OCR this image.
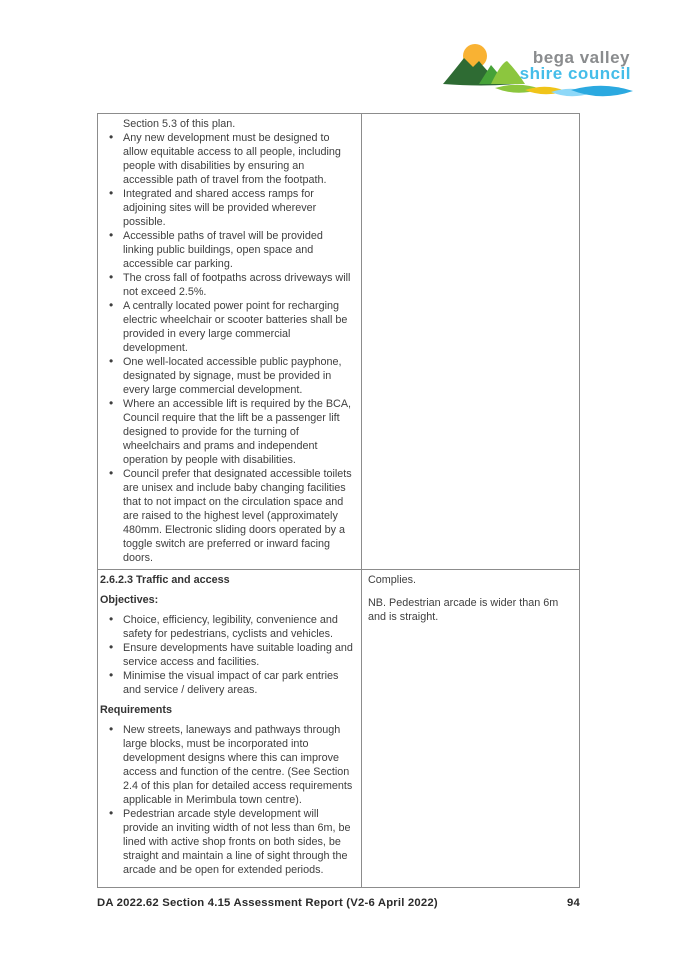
bega valley
shire council

Section 5.3 of this plan.

• Any new development must be designed to allow equitable access to all people, including people with disabilities by ensuring an accessible path of travel from the footpath.
• Integrated and shared access ramps for adjoining sites will be provided wherever possible.
• Accessible paths of travel will be provided linking public buildings, open space and accessible car parking.
• The cross fall of footpaths across driveways will not exceed 2.5%.
• A centrally located power point for recharging electric wheelchair or scooter batteries shall be provided in every large commercial development.
• One well-located accessible public payphone, designated by signage, must be provided in every large commercial development.
• Where an accessible lift is required by the BCA, Council require that the lift be a passenger lift designed to provide for the turning of wheelchairs and prams and independent operation by people with disabilities.
• Council prefer that designated accessible toilets are unisex and include baby changing facilities that to not impact on the circulation space and are raised to the highest level (approximately 480mm. Electronic sliding doors operated by a toggle switch are preferred or inward facing doors.

2.6.2.3 Traffic and access

Objectives:

• Choice, efficiency, legibility, convenience and safety for pedestrians, cyclists and vehicles.
• Ensure developments have suitable loading and service access and facilities.
• Minimise the visual impact of car park entries and service / delivery areas.

Requirements

• New streets, laneways and pathways through large blocks, must be incorporated into development designs where this can improve access and function of the centre. (See Section 2.4 of this plan for detailed access requirements applicable in Merimbula town centre).
• Pedestrian arcade style development will provide an inviting width of not less than 6m, be lined with active shop fronts on both sides, be straight and maintain a line of sight through the arcade and be open for extended periods.

Complies.

NB. Pedestrian arcade is wider than 6m and is straight.

DA 2022.62 Section 4.15 Assessment Report (V2-6 April 2022)	94
